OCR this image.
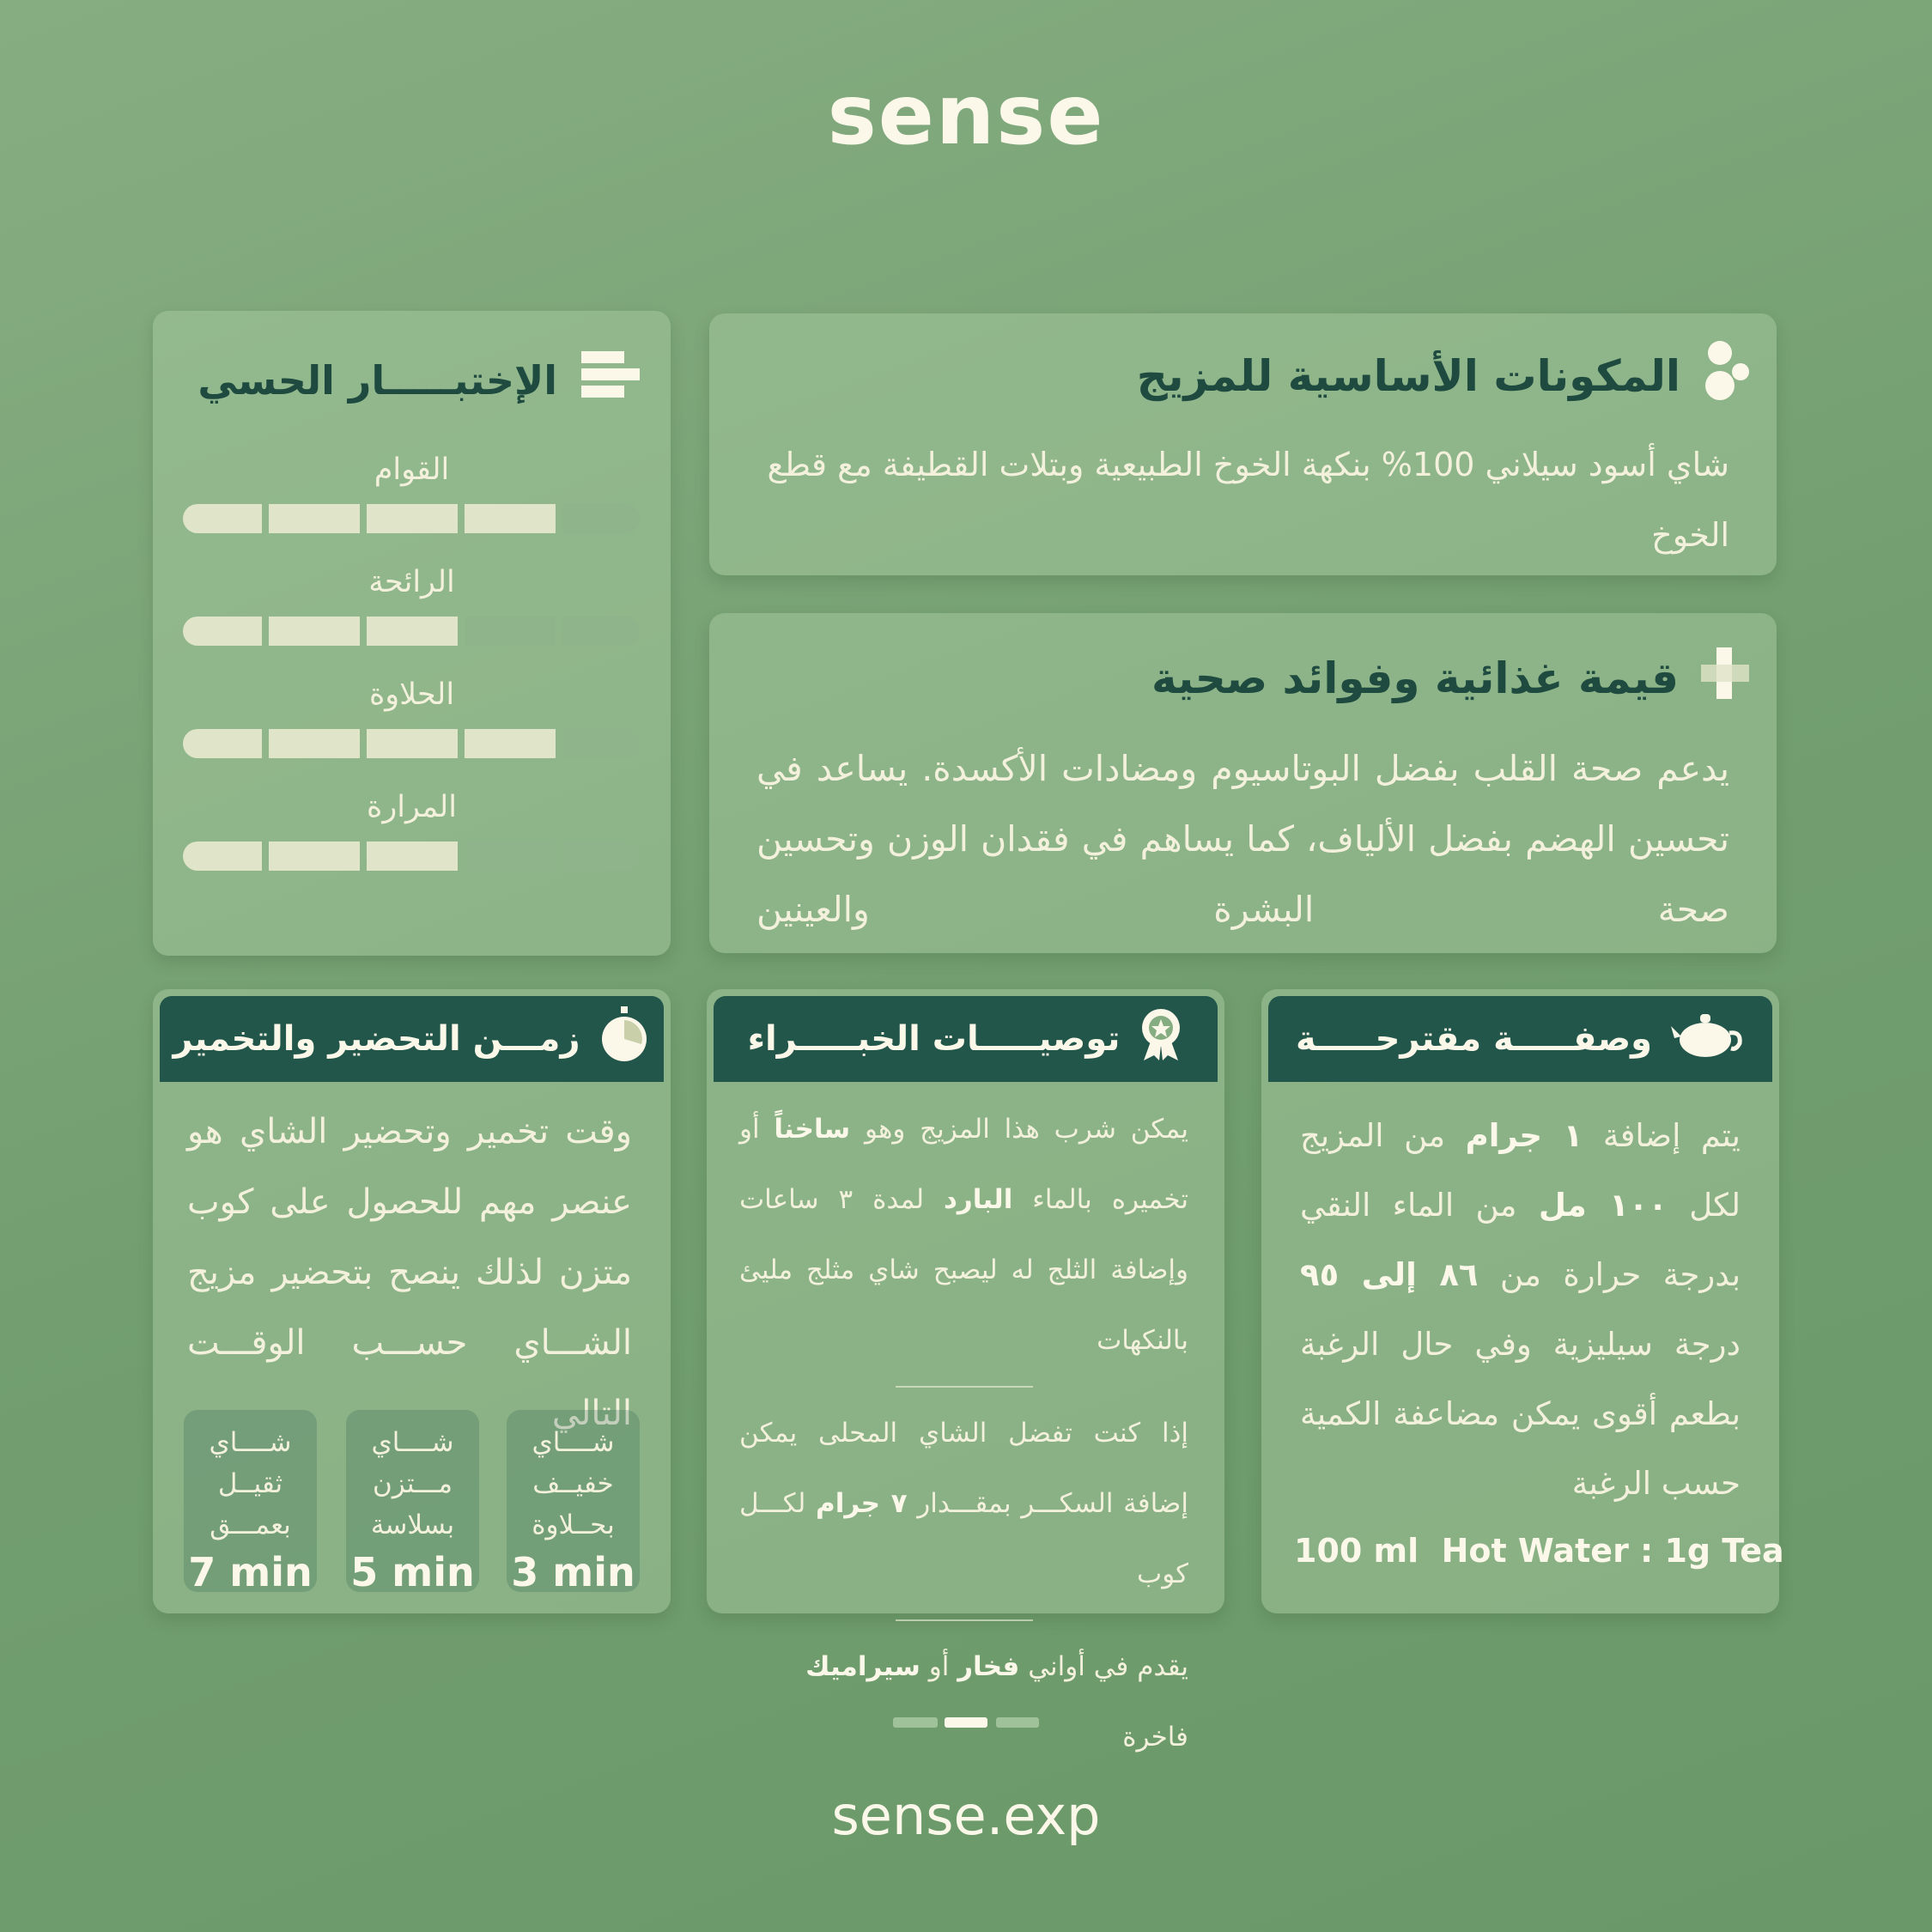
sense
المكونات الأساسية للمزيج
شاي أسود سيلاني 100% بنكهة الخوخ الطبيعية وبتلات القطيفة مع قطع الخوخ
قيمة غذائية وفوائد صحية
يدعم صحة القلب بفضل البوتاسيوم ومضادات الأكسدة. يساعد في تحسين الهضم بفضل الألياف، كما يساهم في فقدان الوزن وتحسين صحة البشرة والعينين
الإختبـــــار الحسي
القوام
الرائحة
الحلاوة
المرارة
وصفـــــة مقترحـــــة
يتم إضافة ١ جرام من المزيج لكل ١٠٠ مل من الماء النقي بدرجة حرارة من ٨٦ إلى ٩٥ درجة سيليزية وفي حال الرغبة بطعم أقوى يمكن مضاعفة الكمية حسب الرغبة
100 ml  Hot Water : 1g Tea
توصيـــــات الخبـــــراء
يمكن شرب هذا المزيج وهو ساخناً أو تخميره بالماء البارد لمدة ٣ ساعات وإضافة الثلج له ليصبح شاي مثلج مليئ بالنكهات
إذا كنت تفضل الشاي المحلى يمكن إضافة السكـــر بمقـــدار ٧ جرام لكـــل كوب
يقدم في أواني فخار أو سيراميك فاخرة
زمـــن التحضير والتخمير
وقت تخمير وتحضير الشاي هو عنصر مهم للحصول على كوب متزن لذلك ينصح بتحضير مزيج الشـــاي حســـب الوقـــت التالي
شــــاي خفيــف بحــلاوة
3 min
شــــاي مـــتزن بسلاسة
5 min
شــــاي ثقيــل بعمـــق
7 min
sense.exp
